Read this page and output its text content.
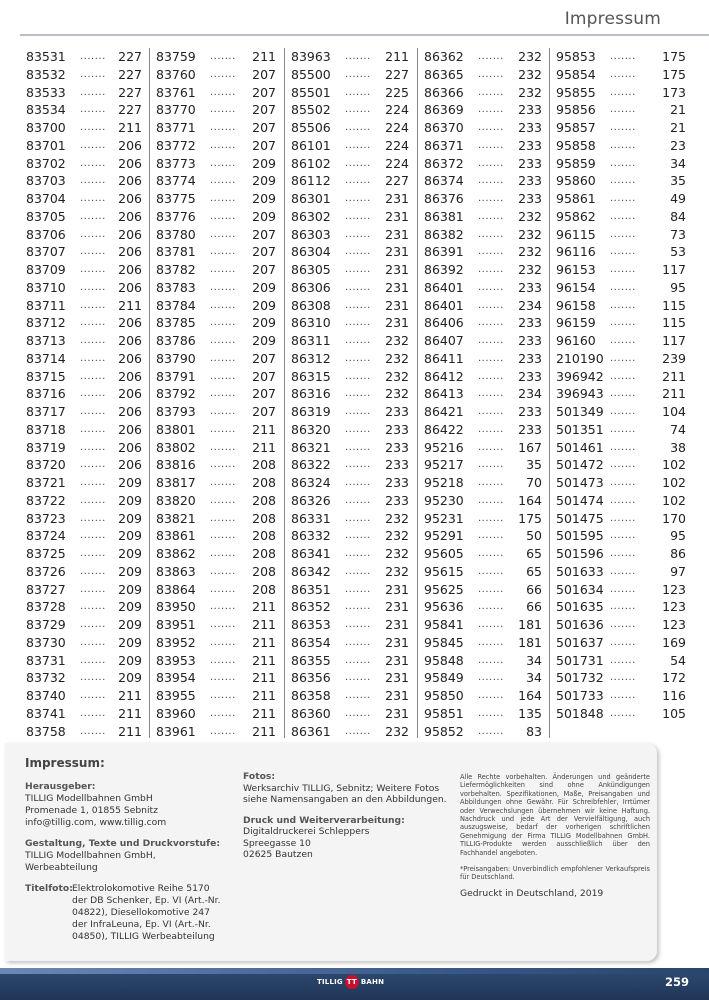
Impressum
83531 ....... 227
83532 ....... 227
83533 ....... 227
83534 ....... 227
83700 ....... 211
83701 ....... 206
83702 ....... 206
83703 ....... 206
83704 ....... 206
83705 ....... 206
83706 ....... 206
83707 ....... 206
83709 ....... 206
83710 ....... 206
83711 ....... 211
83712 ....... 206
83713 ....... 206
83714 ....... 206
83715 ....... 206
83716 ....... 206
83717 ....... 206
83718 ....... 206
83719 ....... 206
83720 ....... 206
83721 ....... 209
83722 ....... 209
83723 ....... 209
83724 ....... 209
83725 ....... 209
83726 ....... 209
83727 ....... 209
83728 ....... 209
83729 ....... 209
83730 ....... 209
83731 ....... 209
83732 ....... 209
83740 ....... 211
83741 ....... 211
83758 ....... 211
83759 ....... 211
83760 ....... 207
83761 ....... 207
83770 ....... 207
83771 ....... 207
83772 ....... 207
83773 ....... 209
83774 ....... 209
83775 ....... 209
83776 ....... 209
83780 ....... 207
83781 ....... 207
83782 ....... 207
83783 ....... 209
83784 ....... 209
83785 ....... 209
83786 ....... 209
83790 ....... 207
83791 ....... 207
83792 ....... 207
83793 ....... 207
83801 ....... 211
83802 ....... 211
83816 ....... 208
83817 ....... 208
83820 ....... 208
83821 ....... 208
83861 ....... 208
83862 ....... 208
83863 ....... 208
83864 ....... 208
83950 ....... 211
83951 ....... 211
83952 ....... 211
83953 ....... 211
83954 ....... 211
83955 ....... 211
83960 ....... 211
83961 ....... 211
83963 ....... 211
85500 ....... 227
85501 ....... 225
85502 ....... 224
85506 ....... 224
86101 ....... 224
86102 ....... 224
86112 ....... 227
86301 ....... 231
86302 ....... 231
86303 ....... 231
86304 ....... 231
86305 ....... 231
86306 ....... 231
86308 ....... 231
86310 ....... 231
86311 ....... 232
86312 ....... 232
86315 ....... 232
86316 ....... 232
86319 ....... 233
86320 ....... 233
86321 ....... 233
86322 ....... 233
86324 ....... 233
86326 ....... 233
86331 ....... 232
86332 ....... 232
86341 ....... 232
86342 ....... 232
86351 ....... 231
86352 ....... 231
86353 ....... 231
86354 ....... 231
86355 ....... 231
86356 ....... 231
86358 ....... 231
86360 ....... 231
86361 ....... 232
86362 ....... 232
86365 ....... 232
86366 ....... 232
86369 ....... 233
86370 ....... 233
86371 ....... 233
86372 ....... 233
86374 ....... 233
86376 ....... 233
86381 ....... 232
86382 ....... 232
86391 ....... 232
86392 ....... 232
86401 ....... 233
86401 ....... 234
86406 ....... 233
86407 ....... 233
86411 ....... 233
86412 ....... 233
86413 ....... 234
86421 ....... 233
86422 ....... 233
95216 ....... 167
95217 ....... 35
95218 ....... 70
95230 ....... 164
95231 ....... 175
95291 ....... 50
95605 ....... 65
95615 ....... 65
95625 ....... 66
95636 ....... 66
95841 ....... 181
95845 ....... 181
95848 ....... 34
95849 ....... 34
95850 ....... 164
95851 ....... 135
95852 ....... 83
95853 ....... 175
95854 ....... 175
95855 ....... 173
95856 .......	21
95857 .......	21
95858 .......	23
95859 .......	34
95860 .......	35
95861 .......	49
95862 .......	84
96115 .......	73
96116 .......	53
96153 ....... 117
96154 .......	95
96158 ....... 115
96159 ....... 115
96160 ....... 117
210190 ....... 239
396942 ....... 211
396943 ....... 211
501349 ....... 104
501351 .......	74
501461 .......	38
501472 ....... 102
501473 ....... 102
501474 ....... 102
501475 ....... 170
501595 .......	95
501596 .......	86
501633 .......	97
501634 ....... 123
501635 ....... 123
501636 ....... 123
501637 ....... 169
501731 .......	54
501732 ....... 172
501733 ....... 116
501848 ....... 105
Impressum:
Herausgeber:
TILLIG Modellbahnen GmbH
Promenade 1, 01855 Sebnitz
info@tillig.com, www.tillig.com
Gestaltung, Texte und Druckvorstufe:
TILLIG Modellbahnen GmbH,
Werbeabteilung
Titelfoto: Elektrolokomotive Reihe 5170
der DB Schenker, Ep. VI (Art.-Nr.
04822), Diesellokomotive 247
der InfraLeuna, Ep. VI (Art.-Nr.
04850), TILLIG Werbeabteilung
Fotos:
Werksarchiv TILLIG, Sebnitz; Weitere Fotos
siehe Namensangaben an den Abbildungen.
Druck und Weiterverarbeitung:
Digitaldruckerei Schleppers
Spreegasse 10
02625 Bautzen
Alle Rechte vorbehalten. Änderungen und geänderte Liefermöglichkeiten sind ohne Ankündigungen vorbehalten. Spezifikationen, Maße, Preisangaben und Abbildungen ohne Gewähr. Für Schreibfehler, Irrtümer oder Verwechslungen übernehmen wir keine Haftung. Nachdruck und jede Art der Vervielfältigung, auch auszugsweise, bedarf der vorherigen schriftlichen Genehmigung der Firma TILLIG Modellbahnen GmbH. TILLIG-Produkte werden ausschließlich über den Fachhandel angeboten.
*Preisangaben: Unverbindlich empfohlener Verkaufspreis für Deutschland.
Gedruckt in Deutschland, 2019
TILLIG TT BAHN	259
